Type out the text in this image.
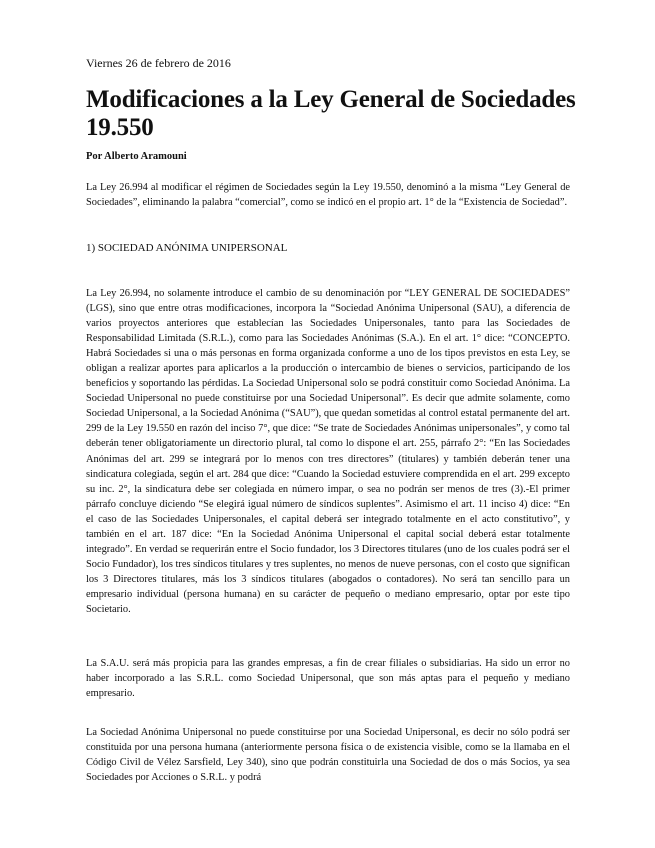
Viernes 26 de febrero de 2016
Modificaciones a la Ley General de Sociedades 19.550
Por Alberto Aramouni

La Ley 26.994 al modificar el régimen de Sociedades según la Ley 19.550, denominó a la misma “Ley General de Sociedades”, eliminando la palabra “comercial”, como se indicó en el propio art. 1° de la “Existencia de Sociedad”.

1) SOCIEDAD ANÓNIMA UNIPERSONAL

La Ley 26.994, no solamente introduce el cambio de su denominación por “LEY GENERAL DE SOCIEDADES” (LGS), sino que entre otras modificaciones, incorpora la “Sociedad Anónima Unipersonal (SAU), a diferencia de varios proyectos anteriores que establecían las Sociedades Unipersonales, tanto para las Sociedades de Responsabilidad Limitada (S.R.L.), como para las Sociedades Anónimas (S.A.). En el art. 1° dice: “CONCEPTO. Habrá Sociedades si una o más personas en forma organizada conforme a uno de los tipos previstos en esta Ley, se obligan a realizar aportes para aplicarlos a la producción o intercambio de bienes o servicios, participando de los beneficios y soportando las pérdidas. La Sociedad Unipersonal solo se podrá constituir como Sociedad Anónima. La Sociedad Unipersonal no puede constituirse por una Sociedad Unipersonal”. Es decir que admite solamente, como Sociedad Unipersonal, a la Sociedad Anónima (“SAU”), que quedan sometidas al control estatal permanente del art. 299 de la Ley 19.550 en razón del inciso 7°, que dice: “Se trate de Sociedades Anónimas unipersonales”, y como tal deberán tener obligatoriamente un directorio plural, tal como lo dispone el art. 255, párrafo 2°: “En las Sociedades Anónimas del art. 299 se integrará por lo menos con tres directores” (titulares) y también deberán tener una sindicatura colegiada, según el art. 284 que dice: “Cuando la Sociedad estuviere comprendida en el art. 299 excepto su inc. 2°, la sindicatura debe ser colegiada en número impar, o sea no podrán ser menos de tres (3).-El primer párrafo concluye diciendo “Se elegirá igual número de síndicos suplentes”. Asimismo el art. 11 inciso 4) dice: “En el caso de las Sociedades Unipersonales, el capital deberá ser integrado totalmente en el acto constitutivo”, y también en el art. 187 dice: “En la Sociedad Anónima Unipersonal el capital social deberá estar totalmente integrado”. En verdad se requerirán entre el Socio fundador, los 3 Directores titulares (uno de los cuales podrá ser el Socio Fundador), los tres síndicos titulares y tres suplentes, no menos de nueve personas, con el costo que significan los 3 Directores titulares, más los 3 síndicos titulares (abogados o contadores). No será tan sencillo para un empresario individual (persona humana) en su carácter de pequeño o mediano empresario, optar por este tipo Societario.

La S.A.U. será más propicia para las grandes empresas, a fin de crear filiales o subsidiarias. Ha sido un error no haber incorporado a las S.R.L. como Sociedad Unipersonal, que son más aptas para el pequeño y mediano empresario.

La Sociedad Anónima Unipersonal no puede constituirse por una Sociedad Unipersonal, es decir no sólo podrá ser constituida por una persona humana (anteriormente persona física o de existencia visible, como se la llamaba en el Código Civil de Vélez Sarsfield, Ley 340), sino que podrán constituirla una Sociedad de dos o más Socios, ya sea Sociedades por Acciones o S.R.L. y podrá
